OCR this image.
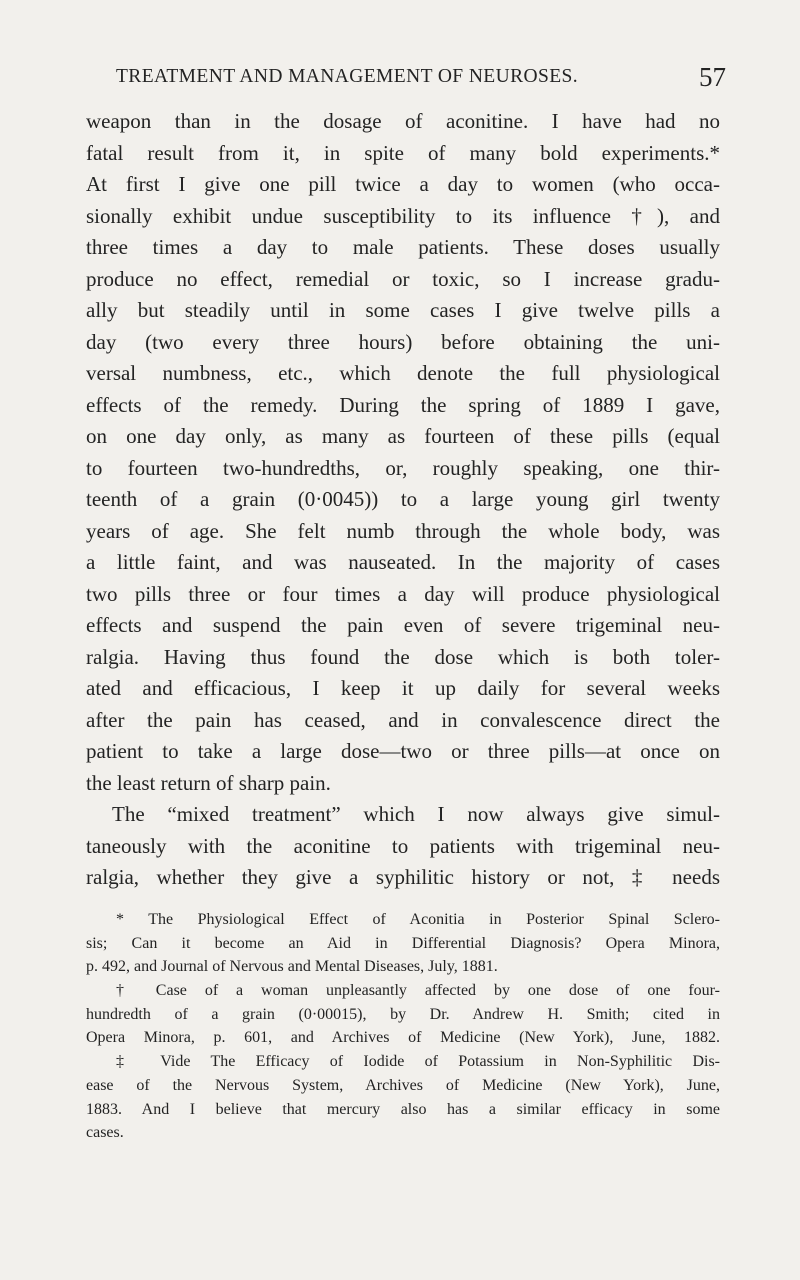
TREATMENT AND MANAGEMENT OF NEUROSES.	57
weapon than in the dosage of aconitine. I have had no
fatal result from it, in spite of many bold experiments.*
At first I give one pill twice a day to women (who occa-
sionally exhibit undue susceptibility to its influence †), and
three times a day to male patients. These doses usually
produce no effect, remedial or toxic, so I increase gradu-
ally but steadily until in some cases I give twelve pills a
day (two every three hours) before obtaining the uni-
versal numbness, etc., which denote the full physiological
effects of the remedy. During the spring of 1889 I gave,
on one day only, as many as fourteen of these pills (equal
to fourteen two-hundredths, or, roughly speaking, one thir-
teenth of a grain (0·0045)) to a large young girl twenty
years of age. She felt numb through the whole body, was
a little faint, and was nauseated. In the majority of cases
two pills three or four times a day will produce physiological
effects and suspend the pain even of severe trigeminal neu-
ralgia. Having thus found the dose which is both toler-
ated and efficacious, I keep it up daily for several weeks
after the pain has ceased, and in convalescence direct the
patient to take a large dose—two or three pills—at once on
the least return of sharp pain.
The “mixed treatment” which I now always give simul-
taneously with the aconitine to patients with trigeminal neu-
ralgia, whether they give a syphilitic history or not, ‡ needs
* The Physiological Effect of Aconitia in Posterior Spinal Sclero-
sis; Can it become an Aid in Differential Diagnosis? Opera Minora,
p. 492, and Journal of Nervous and Mental Diseases, July, 1881.
† Case of a woman unpleasantly affected by one dose of one four-
hundredth of a grain (0·00015), by Dr. Andrew H. Smith; cited in
Opera Minora, p. 601, and Archives of Medicine (New York), June, 1882.
‡ Vide The Efficacy of Iodide of Potassium in Non-Syphilitic Dis-
ease of the Nervous System, Archives of Medicine (New York), June,
1883. And I believe that mercury also has a similar efficacy in some
cases.
